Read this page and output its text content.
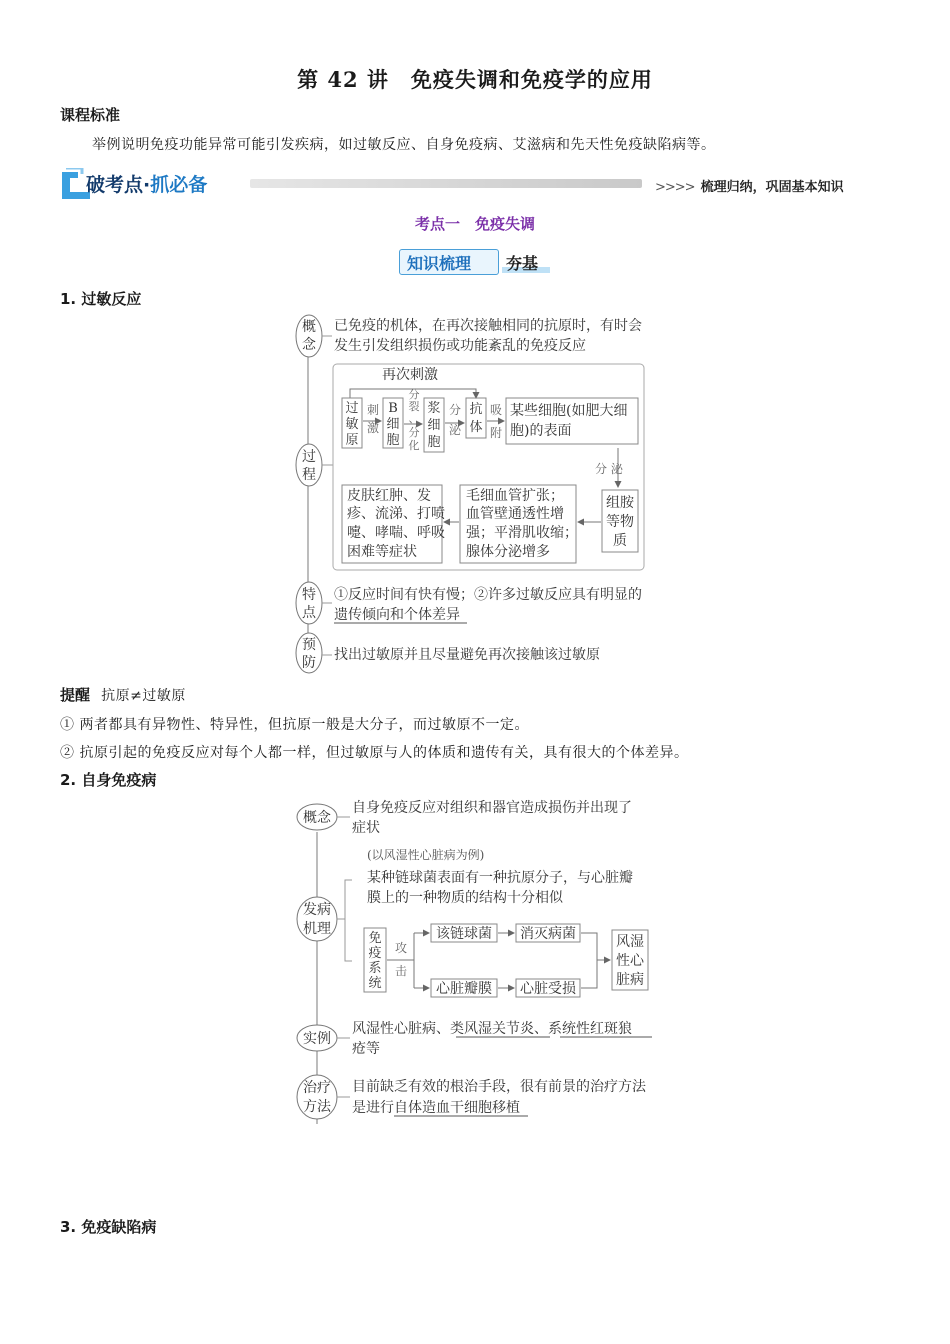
第 42 讲　免疫失调和免疫学的应用
课程标准
举例说明免疫功能异常可能引发疾病，如过敏反应、自身免疫病、艾滋病和先天性免疫缺陷病等。
破考点·抓必备	>>>> 梳理归纳，巩固基本知识
考点一　免疫失调
知识梳理 夯基
1. 过敏反应
概
念
已免疫的机体，在再次接触相同的抗原时，有时会
发生引发组织损伤或功能紊乱的免疫反应
过
程
再次刺激
过
敏
原
刺
激
B
细
胞
分
裂
、
分
化
浆
细
胞
分
泌
抗
体
吸
附
某些细胞(如肥大细
胞)的表面
分 泌
组胺
等物
质
毛细血管扩张；
血管壁通透性增
强；平滑肌收缩；
腺体分泌增多
皮肤红肿、发
疹、流涕、打喷
嚏、哮喘、呼吸
困难等症状
特
点
①反应时间有快有慢；②许多过敏反应具有明显的
遗传倾向和个体差异
预
防 找出过敏原并且尽量避免再次接触该过敏原
提醒 抗原≠过敏原
① 两者都具有异物性、特异性，但抗原一般是大分子，而过敏原不一定。
② 抗原引起的免疫反应对每个人都一样，但过敏原与人的体质和遗传有关，具有很大的个体差异。
2. 自身免疫病
概念
自身免疫反应对组织和器官造成损伤并出现了
症状
发病
机理
(以风湿性心脏病为例)
某种链球菌表面有一种抗原分子，与心脏瓣
膜上的一种物质的结构十分相似
免
疫
系
统
攻
击
该链球菌 消灭病菌
心脏瓣膜 心脏受损
风湿
性心
脏病
实例
风湿性心脏病、类风湿关节炎、系统性红斑狼
疮等
治疗
方法
目前缺乏有效的根治手段，很有前景的治疗方法
是进行自体造血干细胞移植
3. 免疫缺陷病
